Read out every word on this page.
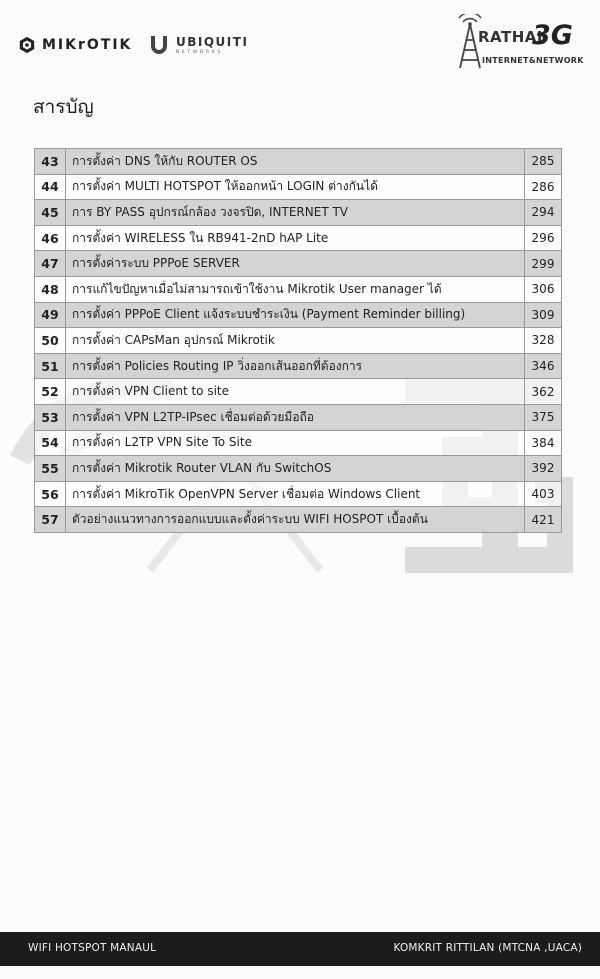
MIKrOTIK	UBIQUITI
NETWORKS
RATHAI
3G
INTERNET&NETWORK
สารบัญ
43	การตั้งค่า DNS ให้กับ ROUTER OS	285
44	การตั้งค่า MULTI HOTSPOT ให้ออกหน้า LOGIN ต่างกันได้	286
45	การ BY PASS อุปกรณ์กล้อง วงจรปิด, INTERNET TV	294
46	การตั้งค่า WIRELESS ใน RB941-2nD hAP Lite	296
47	การตั้งค่าระบบ PPPoE SERVER	299
48	การแก้ไขปัญหาเมื่อไม่สามารถเข้าใช้งาน Mikrotik User manager ได้	306
49	การตั้งค่า PPPoE Client แจ้งระบบชำระเงิน (Payment Reminder billing)	309
50	การตั้งค่า CAPsMan อุปกรณ์ Mikrotik	328
51	การตั้งค่า Policies Routing IP วิ่งออกเส้นออกที่ต้องการ	346
52	การตั้งค่า VPN Client to site	362
53	การตั้งค่า VPN L2TP-IPsec เชื่อมต่อด้วยมือถือ	375
54	การตั้งค่า L2TP VPN Site To Site	384
55	การตั้งค่า Mikrotik Router VLAN กับ SwitchOS	392
56	การตั้งค่า MikroTik OpenVPN Server เชื่อมต่อ Windows Client	403
57	ตัวอย่างแนวทางการออกแบบและตั้งค่าระบบ WIFI HOSPOT เบื้องต้น	421
WIFI HOTSPOT MANAUL	KOMKRIT RITTILAN (MTCNA ,UACA)
